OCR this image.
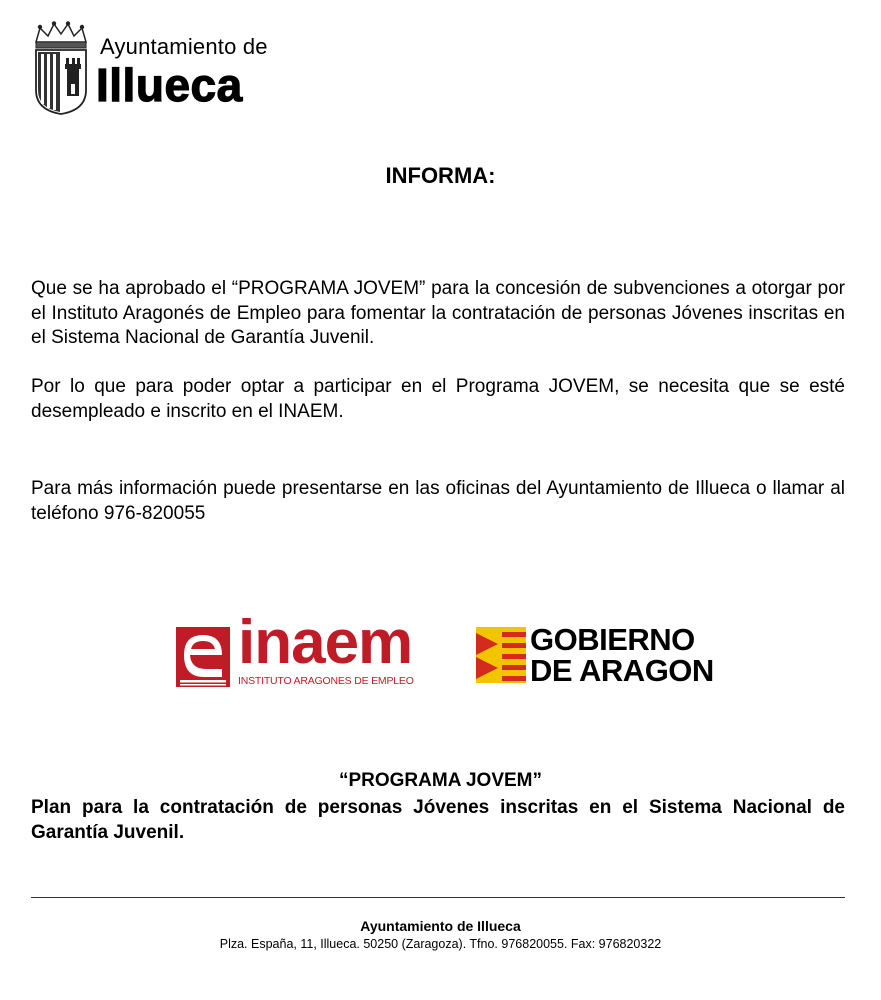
Ayuntamiento de
Illueca
INFORMA:
Que se ha aprobado el “PROGRAMA JOVEM” para la concesión de subvenciones a otorgar por el Instituto Aragonés de Empleo para fomentar la contratación de personas Jóvenes inscritas en el Sistema Nacional de Garantía Juvenil.
Por lo que para poder optar a participar en el Programa JOVEM, se necesita que se esté desempleado e inscrito en el INAEM.
Para más información puede presentarse en las oficinas del Ayuntamiento de Illueca o llamar al teléfono 976-820055
inaem
INSTITUTO ARAGONES DE EMPLEO
GOBIERNO
DE ARAGON
“PROGRAMA JOVEM”
Plan para la contratación de personas Jóvenes inscritas en el Sistema Nacional de Garantía Juvenil.
Ayuntamiento de Illueca
Plza. España, 11, Illueca. 50250 (Zaragoza). Tfno. 976820055. Fax: 976820322
